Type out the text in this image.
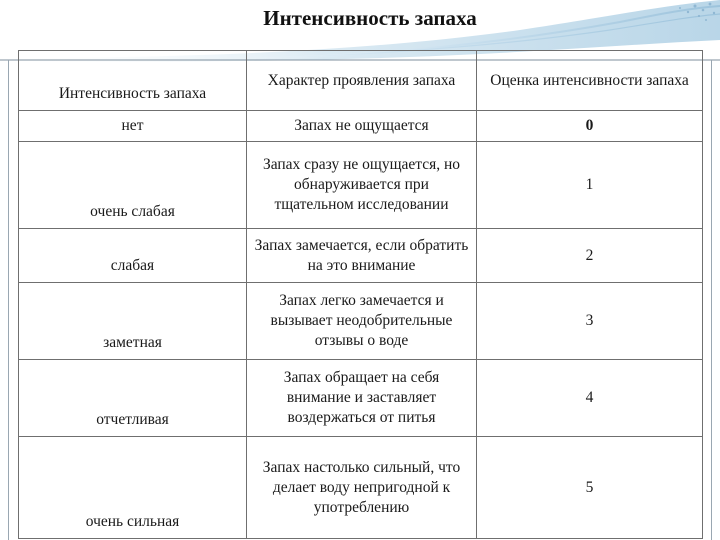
Интенсивность запаха
Интенсивность запаха	Характер проявления запаха	Оценка интенсивности запаха
нет	Запах не ощущается	0
очень слабая	Запах сразу не ощущается, но обнаруживается при тщательном исследовании	1
слабая	Запах замечается, если обратить на это внимание	2
заметная	Запах легко замечается и вызывает неодобрительные отзывы о воде	3
отчетливая	Запах обращает на себя внимание и заставляет воздержаться от питья	4
очень сильная	Запах настолько сильный, что делает воду непригодной к употреблению	5
